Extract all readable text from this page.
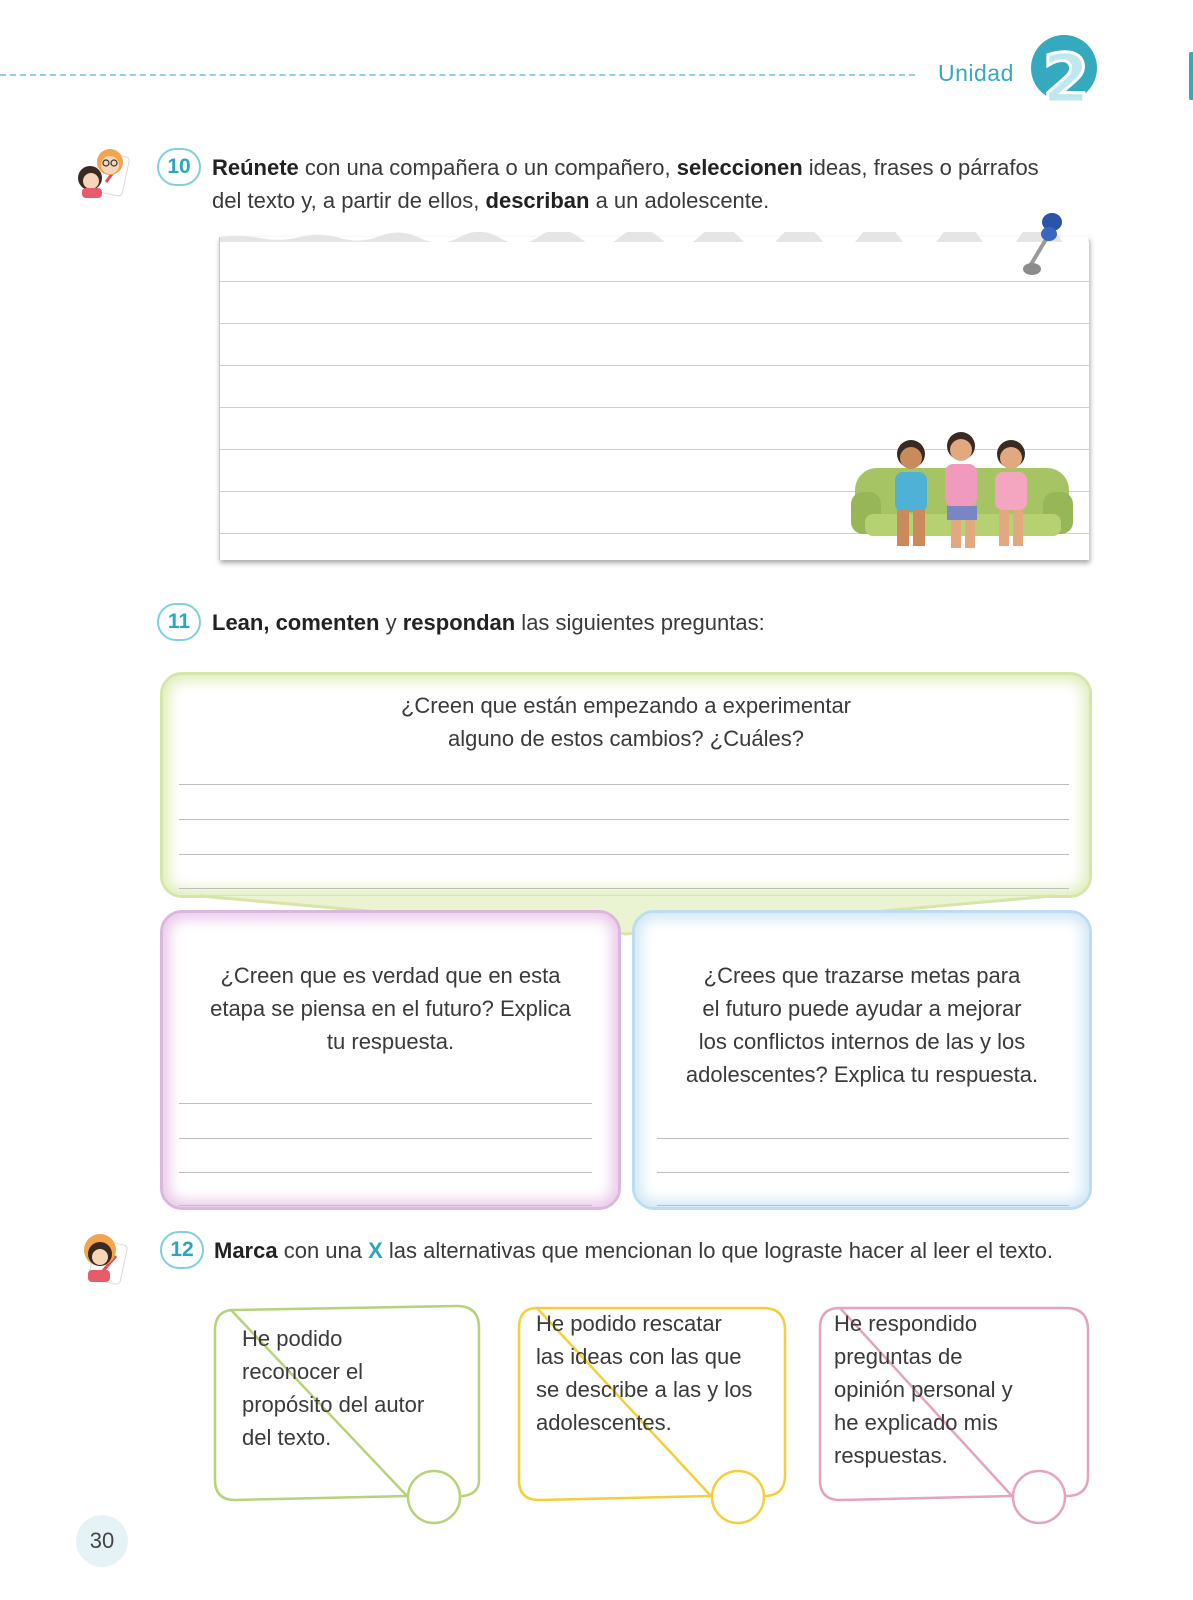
Unidad 2
10 Reúnete con una compañera o un compañero, seleccionen ideas, frases o párrafos del texto y, a partir de ellos, describan a un adolescente.
11 Lean, comenten y respondan las siguientes preguntas:
¿Creen que están empezando a experimentar
alguno de estos cambios? ¿Cuáles?
¿Creen que es verdad que en esta
etapa se piensa en el futuro? Explica
tu respuesta.
¿Crees que trazarse metas para
el futuro puede ayudar a mejorar
los conflictos internos de las y los
adolescentes? Explica tu respuesta.
12 Marca con una X las alternativas que mencionan lo que lograste hacer al leer el texto.
He podido
reconocer el
propósito del autor
del texto.
He podido rescatar
las ideas con las que
se describe a las y los
adolescentes.
He respondido
preguntas de
opinión personal y
he explicado mis
respuestas.
30
